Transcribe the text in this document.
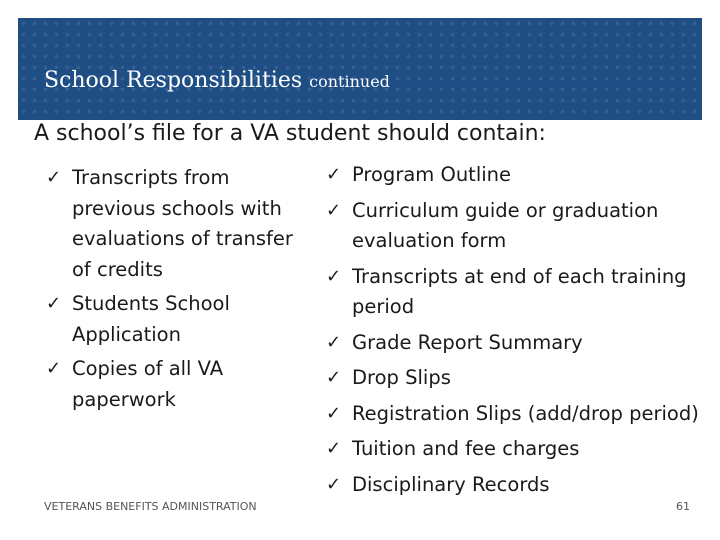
School Responsibilities continued
A school’s file for a VA student should contain:
✓ Transcripts from previous schools with evaluations of transfer of credits
✓ Students School Application
✓ Copies of all VA paperwork
✓ Program Outline
✓ Curriculum guide or graduation evaluation form
✓ Transcripts at end of each training period
✓ Grade Report Summary
✓ Drop Slips
✓ Registration Slips (add/drop period)
✓ Tuition and fee charges
✓ Disciplinary Records
VETERANS BENEFITS ADMINISTRATION	61
